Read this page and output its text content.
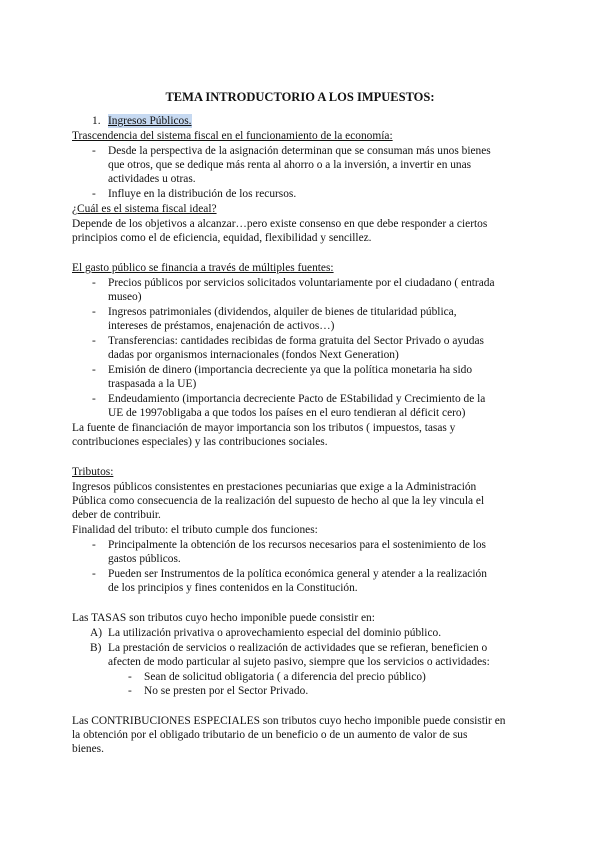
TEMA INTRODUCTORIO A LOS IMPUESTOS:
1. Ingresos Públicos.
Trascendencia del sistema fiscal en el funcionamiento de la economía:
- Desde la perspectiva de la asignación determinan que se consuman más unos bienes
que otros, que se dedique más renta al ahorro o a la inversión, a invertir en unas
actividades u otras.
- Influye en la distribución de los recursos.
¿Cuál es el sistema fiscal ideal?
Depende de los objetivos a alcanzar…pero existe consenso en que debe responder a ciertos
principios como el de eficiencia, equidad, flexibilidad y sencillez.
El gasto público se financia a través de múltiples fuentes:
- Precios públicos por servicios solicitados voluntariamente por el ciudadano ( entrada
museo)
- Ingresos patrimoniales (dividendos, alquiler de bienes de titularidad pública,
intereses de préstamos, enajenación de activos…)
- Transferencias: cantidades recibidas de forma gratuita del Sector Privado o ayudas
dadas por organismos internacionales (fondos Next Generation)
- Emisión de dinero (importancia decreciente ya que la política monetaria ha sido
traspasada a la UE)
- Endeudamiento (importancia decreciente Pacto de EStabilidad y Crecimiento de la
UE de 1997obligaba a que todos los países en el euro tendieran al déficit cero)
La fuente de financiación de mayor importancia son los tributos ( impuestos, tasas y
contribuciones especiales) y las contribuciones sociales.
Tributos:
Ingresos públicos consistentes en prestaciones pecuniarias que exige a la Administración
Pública como consecuencia de la realización del supuesto de hecho al que la ley vincula el
deber de contribuir.
Finalidad del tributo: el tributo cumple dos funciones:
- Principalmente la obtención de los recursos necesarios para el sostenimiento de los
gastos públicos.
- Pueden ser Instrumentos de la política económica general y atender a la realización
de los principios y fines contenidos en la Constitución.
Las TASAS son tributos cuyo hecho imponible puede consistir en:
A) La utilización privativa o aprovechamiento especial del dominio público.
B) La prestación de servicios o realización de actividades que se refieran, beneficien o
afecten de modo particular al sujeto pasivo, siempre que los servicios o actividades:
- Sean de solicitud obligatoria ( a diferencia del precio público)
- No se presten por el Sector Privado.
Las CONTRIBUCIONES ESPECIALES son tributos cuyo hecho imponible puede consistir en
la obtención por el obligado tributario de un beneficio o de un aumento de valor de sus
bienes.
